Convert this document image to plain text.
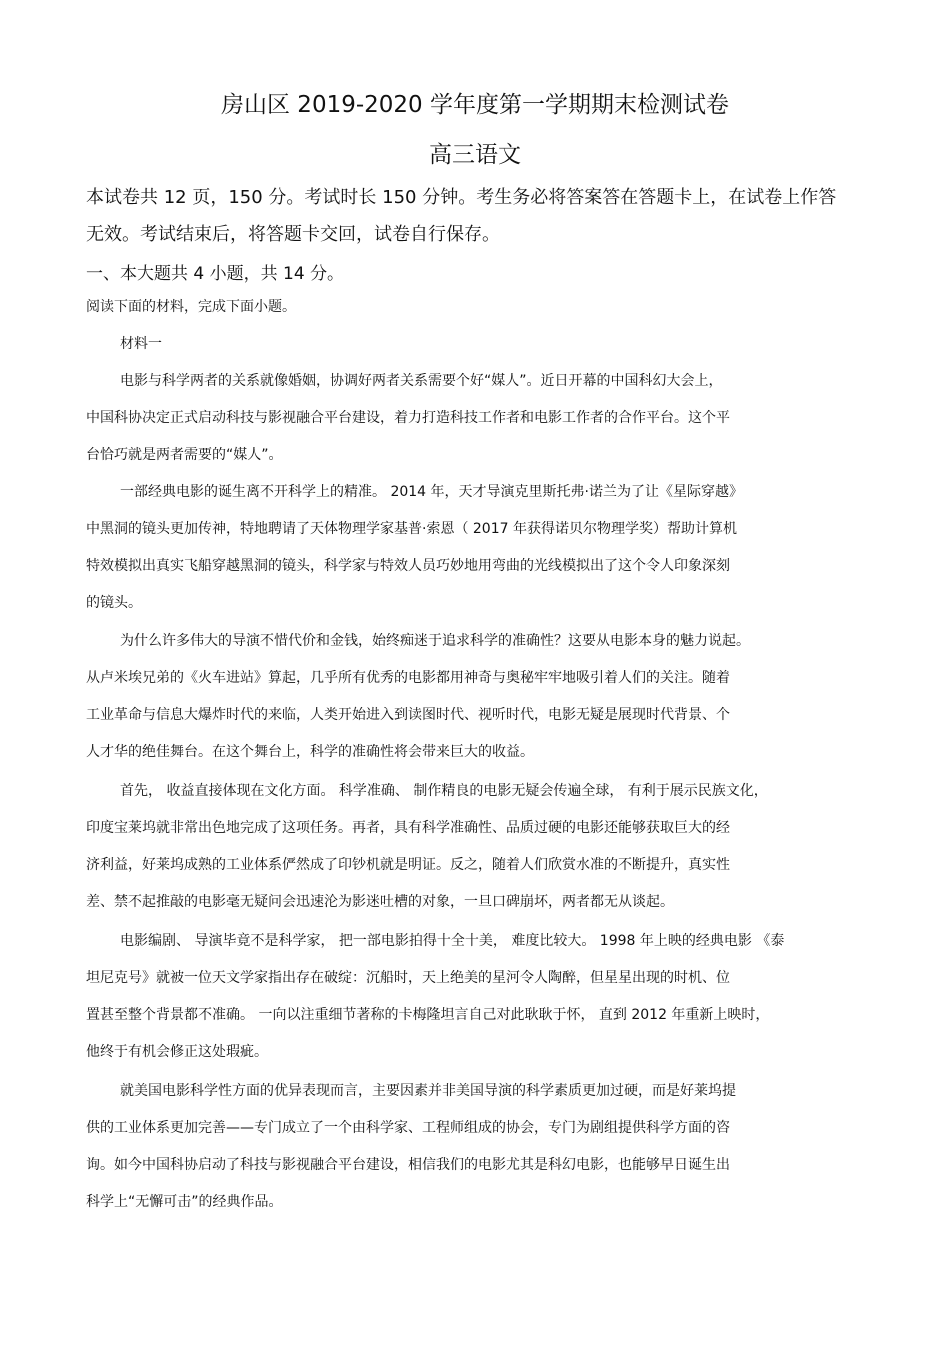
房山区 2019-2020 学年度第一学期期末检测试卷
高三语文
本试卷共 12 页，150 分。考试时长 150 分钟。考生务必将答案答在答题卡上，在试卷上作答
无效。考试结束后，将答题卡交回，试卷自行保存。
一、本大题共 4 小题，共 14 分。
阅读下面的材料，完成下面小题。
材料一
电影与科学两者的关系就像婚姻，协调好两者关系需要个好“媒人”。近日开幕的中国科幻大会上，
中国科协决定正式启动科技与影视融合平台建设，着力打造科技工作者和电影工作者的合作平台。这个平
台恰巧就是两者需要的“媒人”。
一部经典电影的诞生离不开科学上的精准。 2014 年，天才导演克里斯托弗·诺兰为了让《星际穿越》
中黑洞的镜头更加传神，特地聘请了天体物理学家基普·索恩（ 2017 年获得诺贝尔物理学奖）帮助计算机
特效模拟出真实飞船穿越黑洞的镜头，科学家与特效人员巧妙地用弯曲的光线模拟出了这个令人印象深刻
的镜头。
为什么许多伟大的导演不惜代价和金钱，始终痴迷于追求科学的准确性？这要从电影本身的魅力说起。
从卢米埃兄弟的《火车进站》算起，几乎所有优秀的电影都用神奇与奥秘牢牢地吸引着人们的关注。随着
工业革命与信息大爆炸时代的来临，人类开始进入到读图时代、视听时代，电影无疑是展现时代背景、个
人才华的绝佳舞台。在这个舞台上，科学的准确性将会带来巨大的收益。
首先， 收益直接体现在文化方面。 科学准确、 制作精良的电影无疑会传遍全球， 有利于展示民族文化，
印度宝莱坞就非常出色地完成了这项任务。再者，具有科学准确性、品质过硬的电影还能够获取巨大的经
济利益，好莱坞成熟的工业体系俨然成了印钞机就是明证。反之，随着人们欣赏水准的不断提升，真实性
差、禁不起推敲的电影毫无疑问会迅速沦为影迷吐槽的对象，一旦口碑崩坏，两者都无从谈起。
电影编剧、 导演毕竟不是科学家， 把一部电影拍得十全十美， 难度比较大。 1998 年上映的经典电影 《泰
坦尼克号》就被一位天文学家指出存在破绽：沉船时，天上绝美的星河令人陶醉，但星星出现的时机、位
置甚至整个背景都不准确。 一向以注重细节著称的卡梅隆坦言自己对此耿耿于怀， 直到 2012 年重新上映时，
他终于有机会修正这处瑕疵。
就美国电影科学性方面的优异表现而言，主要因素并非美国导演的科学素质更加过硬，而是好莱坞提
供的工业体系更加完善——专门成立了一个由科学家、工程师组成的协会，专门为剧组提供科学方面的咨
询。如今中国科协启动了科技与影视融合平台建设，相信我们的电影尤其是科幻电影，也能够早日诞生出
科学上“无懈可击”的经典作品。
